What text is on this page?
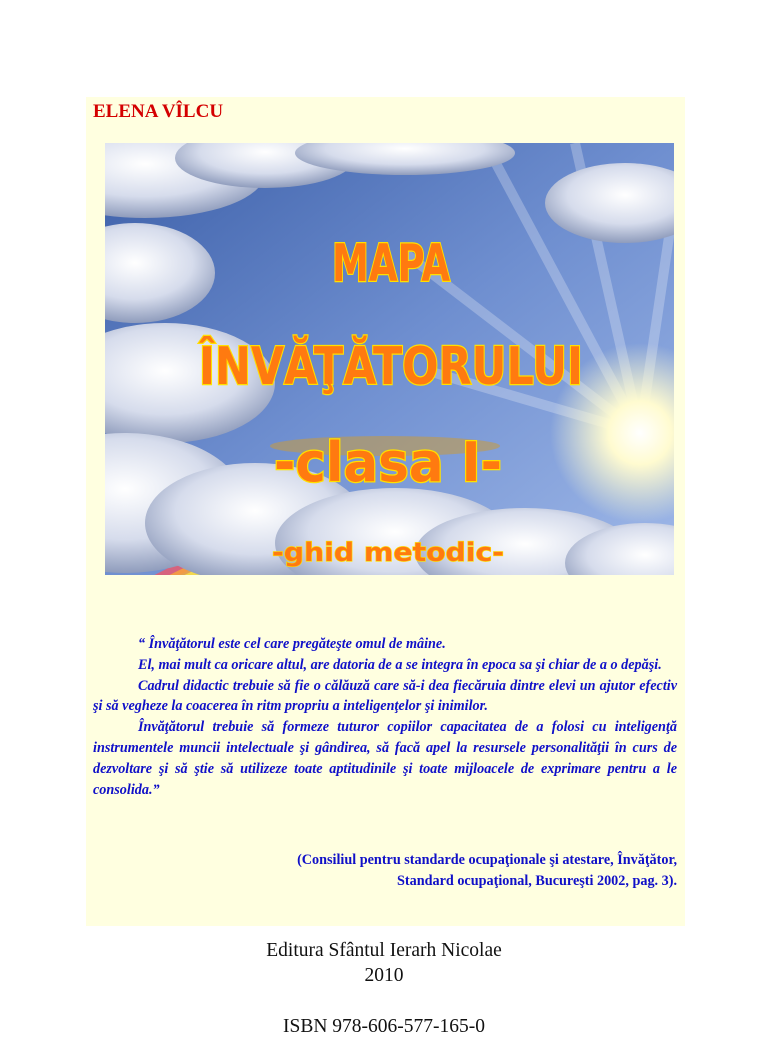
ELENA VÎLCU
MAPA
ÎNVĂŢĂTORULUI
-clasa I-
-ghid metodic-

“ Învăţătorul este cel care pregăteşte omul de mâine.

El, mai mult ca oricare altul, are datoria de a se integra în epoca sa şi chiar de a o depăşi.

Cadrul didactic trebuie să fie o călăuză care să-i dea fiecăruia dintre elevi un ajutor efectiv şi să vegheze la coacerea în ritm propriu a inteligenţelor şi inimilor.

Învăţătorul trebuie să formeze tuturor copiilor capacitatea de a folosi cu inteligenţă instrumentele muncii intelectuale şi gândirea, să facă apel la resursele personalităţii în curs de dezvoltare şi să ştie să utilizeze toate aptitudinile şi toate mijloacele de exprimare pentru a le consolida.”

(Consiliul pentru standarde ocupaţionale şi atestare, Învăţător,
Standard ocupaţional, Bucureşti 2002, pag. 3).
Editura Sfântul Ierarh Nicolae
2010
ISBN 978-606-577-165-0
